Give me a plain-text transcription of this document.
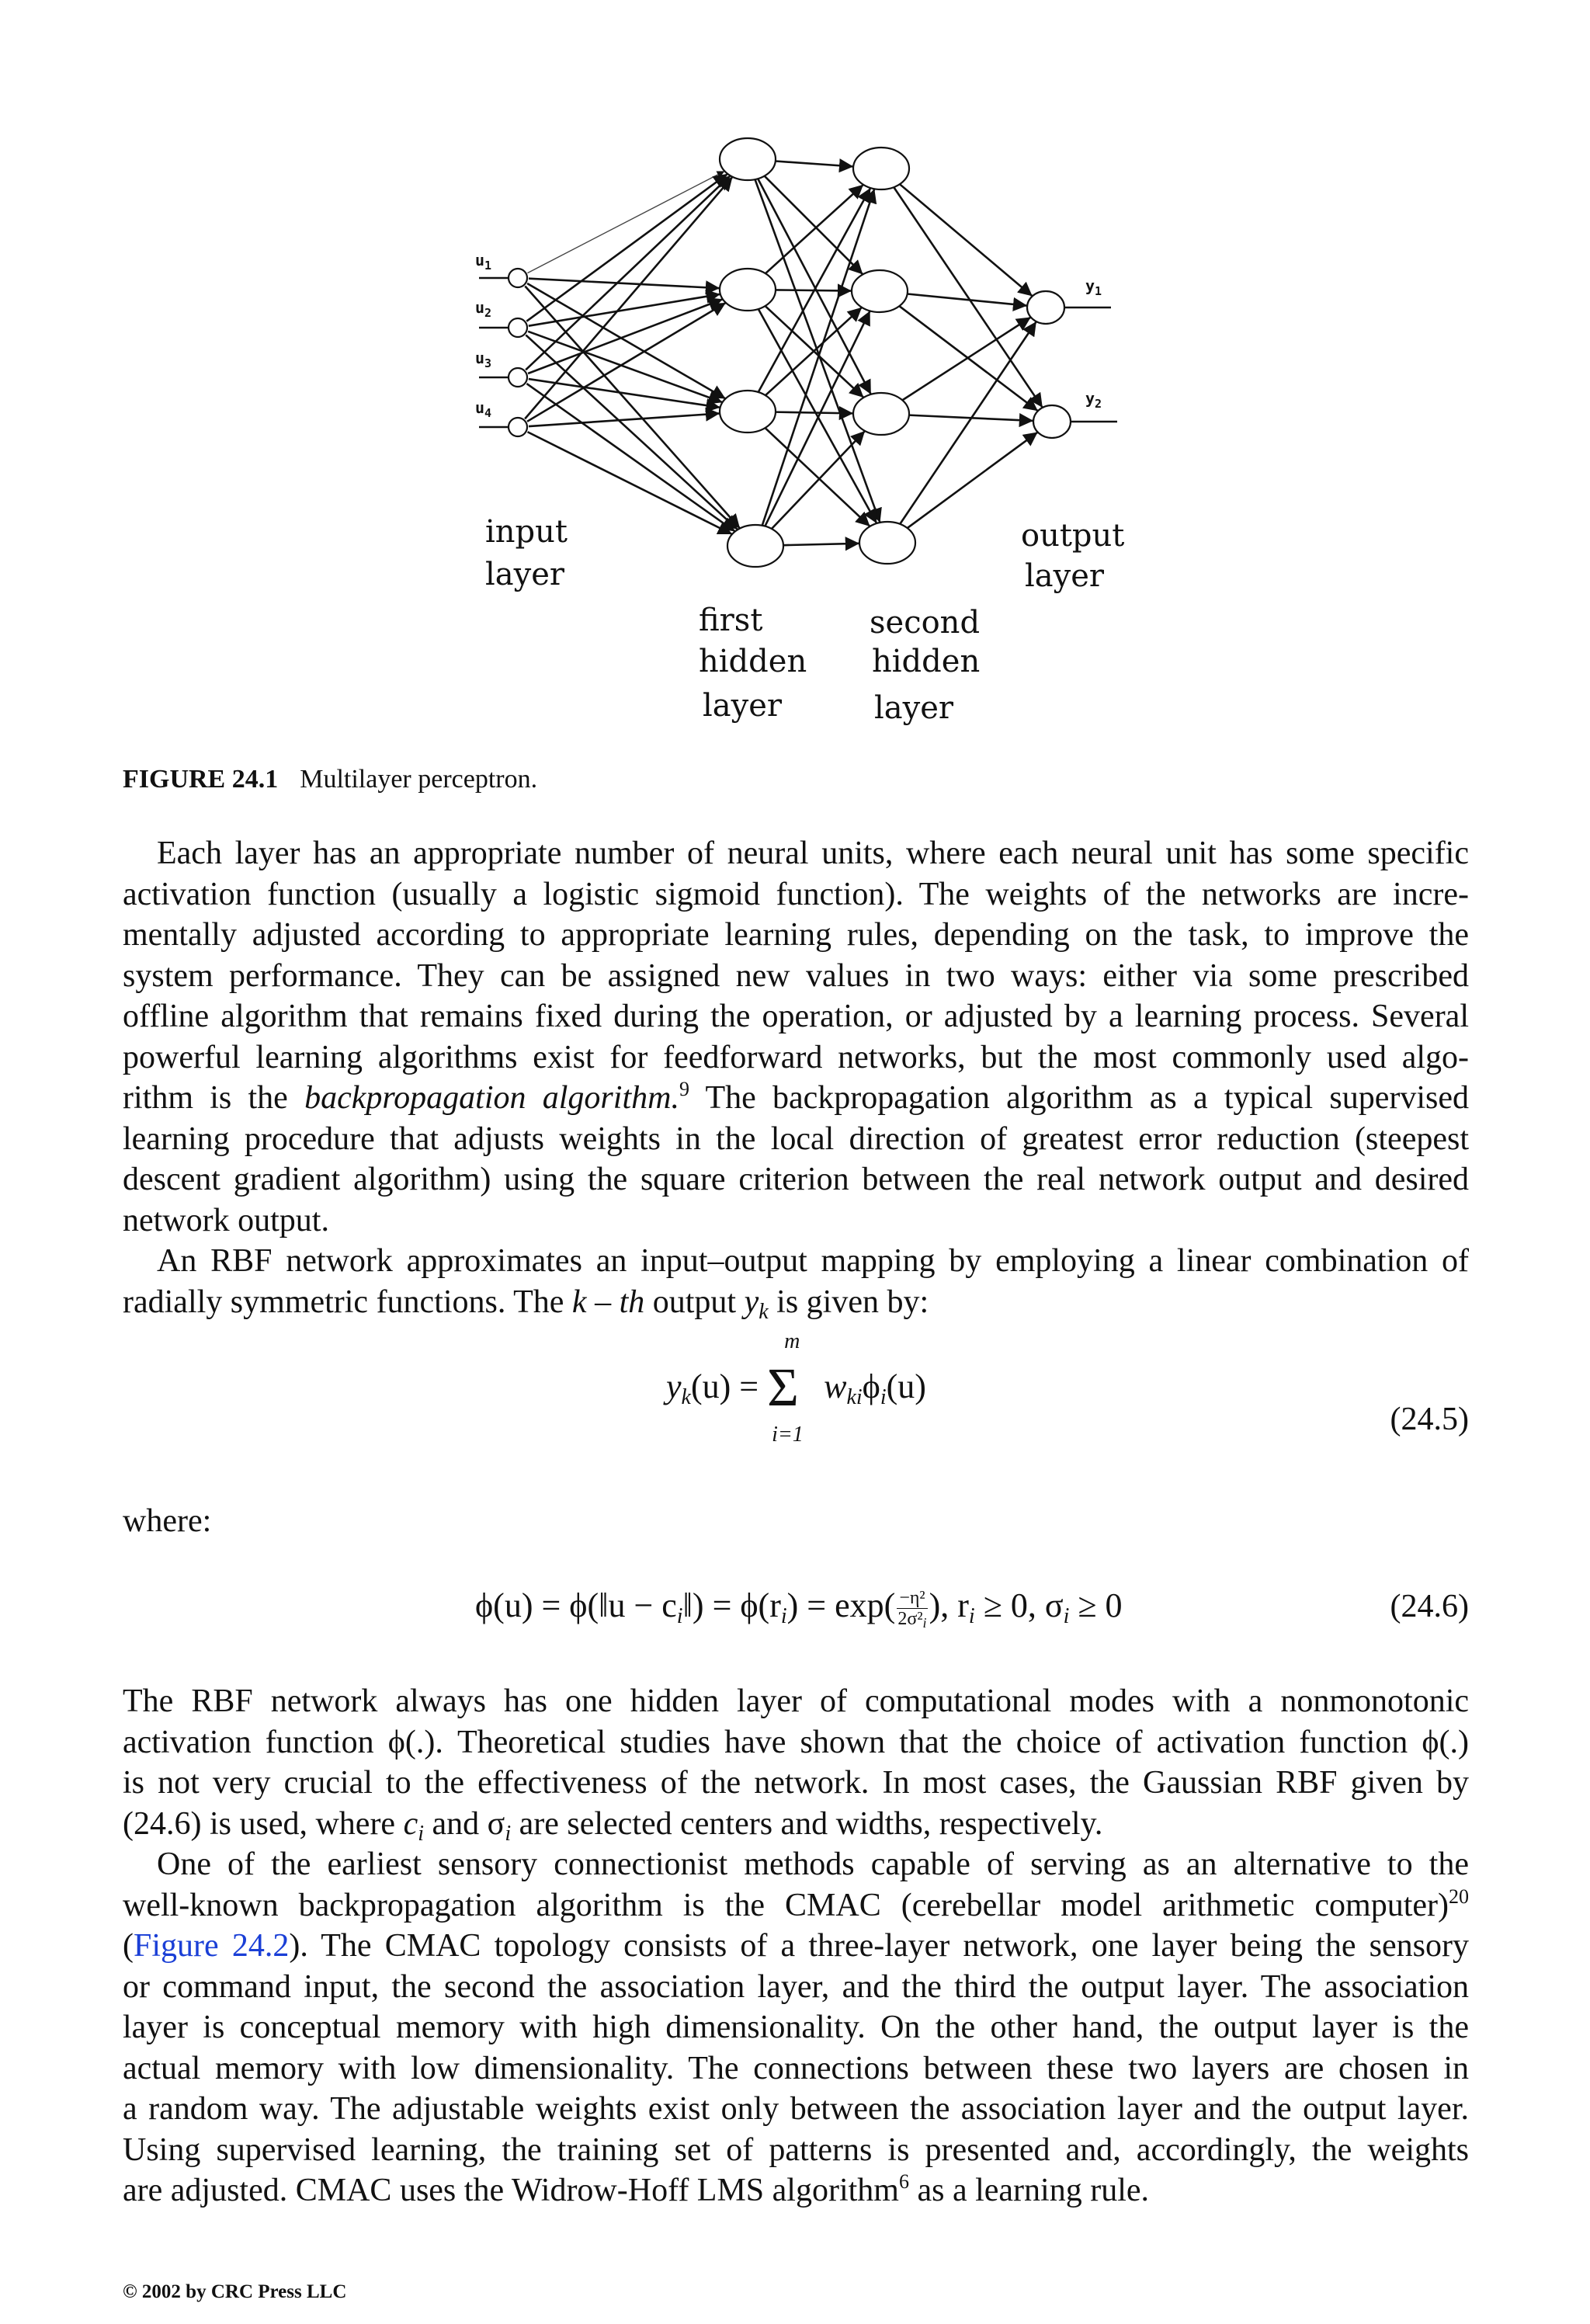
$u_1$
$u_2$
$u_3$
$u_4$
$y_1$
$y_2$
input
layer
first
hidden
layer
second
hidden
layer
output
layer
FIGURE 24.1 Multilayer perceptron.
Each layer has an appropriate number of neural units, where each neural unit has some specific
activation function (usually a logistic sigmoid function). The weights of the networks are incre-
mentally adjusted according to appropriate learning rules, depending on the task, to improve the
system performance. They can be assigned new values in two ways: either via some prescribed
offline algorithm that remains fixed during the operation, or adjusted by a learning process. Several
powerful learning algorithms exist for feedforward networks, but the most commonly used algo-
rithm is the backpropagation algorithm.$^9$ The backpropagation algorithm as a typical supervised
learning procedure that adjusts weights in the local direction of greatest error reduction (steepest
descent gradient algorithm) using the square criterion between the real network output and desired
network output.
An RBF network approximates an input–output mapping by employing a linear combination of
radially symmetric functions. The k – th output $y_k$ is given by:
$y_k(u) = \Sigma$
m
i=1
$w_{ki}\phi_i(u)$
(24.5)
where:
ϕ(u) = ϕ(‖u − $c_i‖) = \phi(r_i) = \exp( \frac{\text{−η²}}{2\sigma^2_i}$ ), $r_i \ge 0$, $\sigma_i \ge 0$	(24.6)
The RBF network always has one hidden layer of computational modes with a nonmonotonic
activation function ϕ(.). Theoretical studies have shown that the choice of activation function ϕ(.)
is not very crucial to the effectiveness of the network. In most cases, the Gaussian RBF given by
(24.6) is used, where $c_i$ and $\sigma_i$ are selected centers and widths, respectively.
One of the earliest sensory connectionist methods capable of serving as an alternative to the
well-known backpropagation algorithm is the CMAC (cerebellar model arithmetic computer)$^{20}$
(Figure 24.2). The CMAC topology consists of a three-layer network, one layer being the sensory
or command input, the second the association layer, and the third the output layer. The association
layer is conceptual memory with high dimensionality. On the other hand, the output layer is the
actual memory with low dimensionality. The connections between these two layers are chosen in
a random way. The adjustable weights exist only between the association layer and the output layer.
Using supervised learning, the training set of patterns is presented and, accordingly, the weights
are adjusted. CMAC uses the Widrow-Hoff LMS algorithm$^6$ as a learning rule.
© 2002 by CRC Press LLC
